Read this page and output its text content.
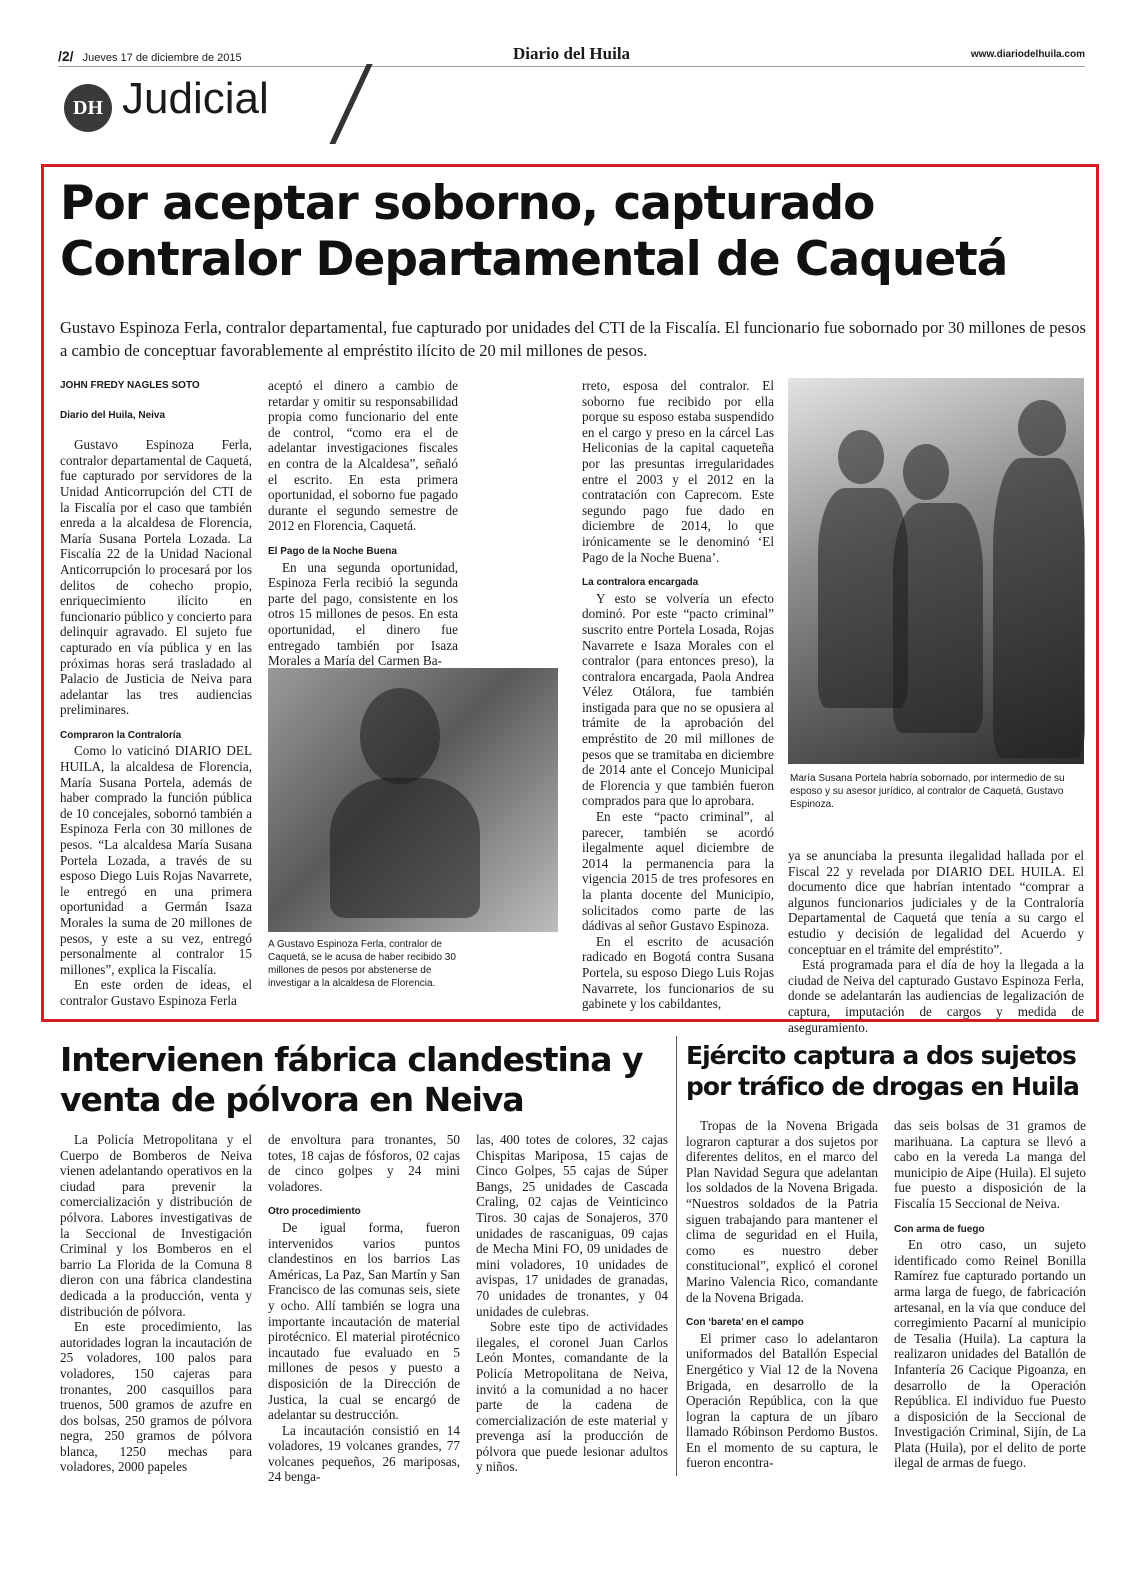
/2/ Jueves 17 de diciembre de 2015	Diario del Huila	www.diariodelhuila.com
DH Judicial
Por aceptar soborno, capturado Contralor Departamental de Caquetá
Gustavo Espinoza Ferla, contralor departamental, fue capturado por unidades del CTI de la Fiscalía. El funcionario fue sobornado por 30 millones de pesos a cambio de conceptuar favorablemente al empréstito ilícito de 20 mil millones de pesos.

JOHN FREDY NAGLES SOTO

Diario del Huila, Neiva

Gustavo Espinoza Ferla, contralor departamental de Caquetá, fue capturado por servidores de la Unidad Anticorrupción del CTI de la Fiscalía por el caso que también enreda a la alcaldesa de Florencia, María Susana Portela Lozada. La Fiscalía 22 de la Unidad Nacional Anticorrupción lo procesará por los delitos de cohecho propio, enriquecimiento ilícito en funcionario público y concierto para delinquir agravado. El sujeto fue capturado en vía pública y en las próximas horas será trasladado al Palacio de Justicia de Neiva para adelantar las tres audiencias preliminares.

Compraron la Contraloría

Como lo vaticinó DIARIO DEL HUILA, la alcaldesa de Florencia, María Susana Portela, además de haber comprado la función pública de 10 concejales, sobornó también a Espinoza Ferla con 30 millones de pesos. “La alcaldesa María Susana Portela Lozada, a través de su esposo Diego Luis Rojas Navarrete, le entregó en una primera oportunidad a Germán Isaza Morales la suma de 20 millones de pesos, y este a su vez, entregó personalmente al contralor 15 millones”, explica la Fiscalía.

En este orden de ideas, el contralor Gustavo Espinoza Ferla

aceptó el dinero a cambio de retardar y omitir su responsabilidad propia como funcionario del ente de control, “como era el de adelantar investigaciones fiscales en contra de la Alcaldesa”, señaló el escrito. En esta primera oportunidad, el soborno fue pagado durante el segundo semestre de 2012 en Florencia, Caquetá.

El Pago de la Noche Buena

En una segunda oportunidad, Espinoza Ferla recibió la segunda parte del pago, consistente en los otros 15 millones de pesos. En esta oportunidad, el dinero fue entregado también por Isaza Morales a María del Carmen Ba-

A Gustavo Espinoza Ferla, contralor de Caquetá, se le acusa de haber recibido 30 millones de pesos por abstenerse de investigar a la alcaldesa de Florencia.

rreto, esposa del contralor. El soborno fue recibido por ella porque su esposo estaba suspendido en el cargo y preso en la cárcel Las Heliconias de la capital caqueteña por las presuntas irregularidades entre el 2003 y el 2012 en la contratación con Caprecom. Este segundo pago fue dado en diciembre de 2014, lo que irónicamente se le denominó ‘El Pago de la Noche Buena’.

La contralora encargada

Y esto se volvería un efecto dominó. Por este “pacto criminal” suscrito entre Portela Losada, Rojas Navarrete e Isaza Morales con el contralor (para entonces preso), la contralora encargada, Paola Andrea Vélez Otálora, fue también instigada para que no se opusiera al trámite de la aprobación del empréstito de 20 mil millones de pesos que se tramitaba en diciembre de 2014 ante el Concejo Municipal de Florencia y que también fueron comprados para que lo aprobara.

En este “pacto criminal”, al parecer, también se acordó ilegalmente aquel diciembre de 2014 la permanencia para la vigencia 2015 de tres profesores en la planta docente del Municipio, solicitados como parte de las dádivas al señor Gustavo Espinoza.

En el escrito de acusación radicado en Bogotá contra Susana Portela, su esposo Diego Luis Rojas Navarrete, los funcionarios de su gabinete y los cabildantes,

María Susana Portela habría sobornado, por intermedio de su esposo y su asesor jurídico, al contralor de Caquetá, Gustavo Espinoza.

ya se anunciaba la presunta ilegalidad hallada por el Fiscal 22 y revelada por DIARIO DEL HUILA. El documento dice que habrían intentado “comprar a algunos funcionarios judiciales y de la Contraloría Departamental de Caquetá que tenía a su cargo el estudio y decisión de legalidad del Acuerdo y conceptuar en el trámite del empréstito”.

Está programada para el día de hoy la llegada a la ciudad de Neiva del capturado Gustavo Espinoza Ferla, donde se adelantarán las audiencias de legalización de captura, imputación de cargos y medida de aseguramiento.

Intervienen fábrica clandestina y venta de pólvora en Neiva

La Policía Metropolitana y el Cuerpo de Bomberos de Neiva vienen adelantando operativos en la ciudad para prevenir la comercialización y distribución de pólvora. Labores investigativas de la Seccional de Investigación Criminal y los Bomberos en el barrio La Florida de la Comuna 8 dieron con una fábrica clandestina dedicada a la producción, venta y distribución de pólvora.

En este procedimiento, las autoridades logran la incautación de 25 voladores, 100 palos para voladores, 150 cajeras para tronantes, 200 casquillos para truenos, 500 gramos de azufre en dos bolsas, 250 gramos de pólvora negra, 250 gramos de pólvora blanca, 1250 mechas para voladores, 2000 papeles

de envoltura para tronantes, 50 totes, 18 cajas de fósforos, 02 cajas de cinco golpes y 24 mini voladores.

Otro procedimiento

De igual forma, fueron intervenidos varios puntos clandestinos en los barrios Las Américas, La Paz, San Martín y San Francisco de las comunas seis, siete y ocho. Allí también se logra una importante incautación de material pirotécnico. El material pirotécnico incautado fue evaluado en 5 millones de pesos y puesto a disposición de la Dirección de Justica, la cual se encargó de adelantar su destrucción.

La incautación consistió en 14 voladores, 19 volcanes grandes, 77 volcanes pequeños, 26 mariposas, 24 benga-

las, 400 totes de colores, 32 cajas Chispitas Mariposa, 15 cajas de Cinco Golpes, 55 cajas de Súper Bangs, 25 unidades de Cascada Craling, 02 cajas de Veinticinco Tiros. 30 cajas de Sonajeros, 370 unidades de rascaniguas, 09 cajas de Mecha Mini FO, 09 unidades de mini voladores, 10 unidades de avispas, 17 unidades de granadas, 70 unidades de tronantes, y 04 unidades de culebras.

Sobre este tipo de actividades ilegales, el coronel Juan Carlos León Montes, comandante de la Policía Metropolitana de Neiva, invitó a la comunidad a no hacer parte de la cadena de comercialización de este material y prevenga así la producción de pólvora que puede lesionar adultos y niños.

Ejército captura a dos sujetos por tráfico de drogas en Huila

Tropas de la Novena Brigada lograron capturar a dos sujetos por diferentes delitos, en el marco del Plan Navidad Segura que adelantan los soldados de la Novena Brigada. “Nuestros soldados de la Patria siguen trabajando para mantener el clima de seguridad en el Huila, como es nuestro deber constitucional”, explicó el coronel Marino Valencia Rico, comandante de la Novena Brigada.

Con ‘bareta’ en el campo

El primer caso lo adelantaron uniformados del Batallón Especial Energético y Vial 12 de la Novena Brigada, en desarrollo de la Operación República, con la que logran la captura de un jíbaro llamado Róbinson Perdomo Bustos. En el momento de su captura, le fueron encontra-

das seis bolsas de 31 gramos de marihuana. La captura se llevó a cabo en la vereda La manga del municipio de Aipe (Huila). El sujeto fue puesto a disposición de la Fiscalía 15 Seccional de Neiva.

Con arma de fuego

En otro caso, un sujeto identificado como Reinel Bonilla Ramírez fue capturado portando un arma larga de fuego, de fabricación artesanal, en la vía que conduce del corregimiento Pacarní al municipio de Tesalia (Huila). La captura la realizaron unidades del Batallón de Infantería 26 Cacique Pigoanza, en desarrollo de la Operación República. El individuo fue Puesto a disposición de la Seccional de Investigación Criminal, Sijín, de La Plata (Huila), por el delito de porte ilegal de armas de fuego.
